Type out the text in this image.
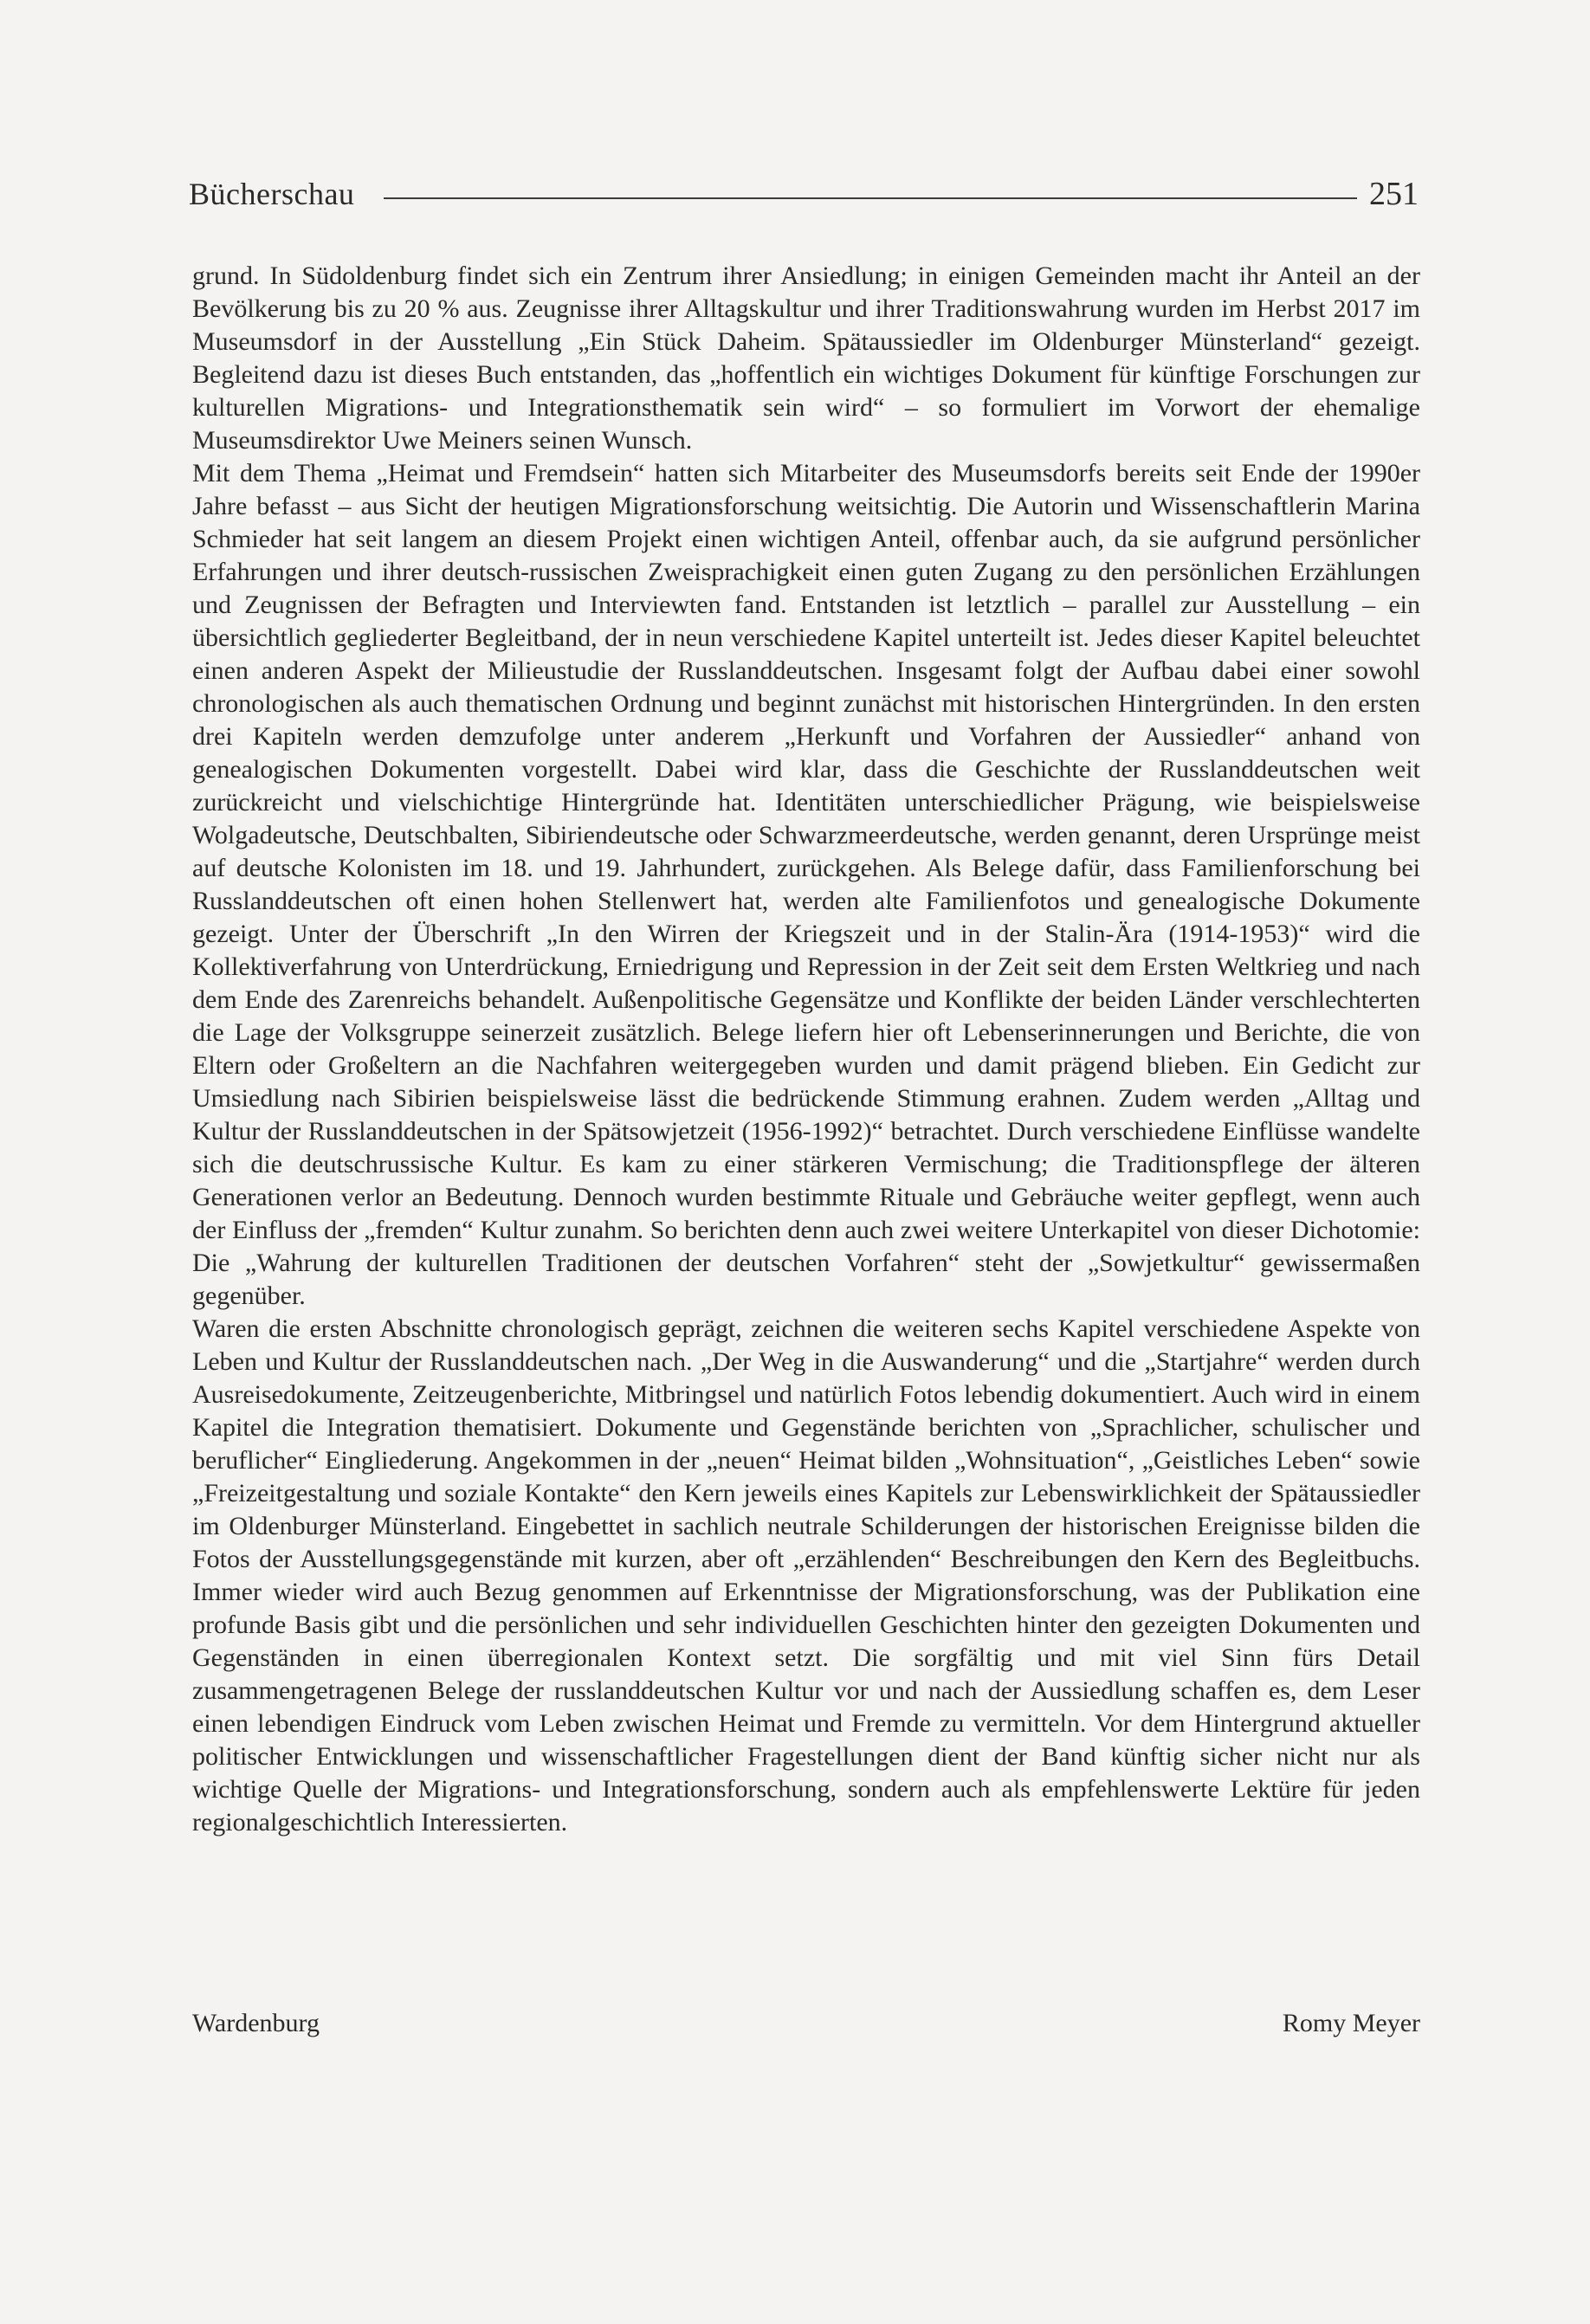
Bücherschau	251

grund. In Südoldenburg findet sich ein Zentrum ihrer Ansiedlung; in einigen Gemeinden macht ihr Anteil an der Bevölkerung bis zu 20 % aus. Zeugnisse ihrer Alltagskultur und ihrer Traditionswahrung wurden im Herbst 2017 im Museumsdorf in der Ausstellung „Ein Stück Daheim. Spätaussiedler im Oldenburger Münsterland“ gezeigt. Begleitend dazu ist dieses Buch entstanden, das „hoffentlich ein wichtiges Dokument für künftige Forschungen zur kulturellen Migrations- und Integrationsthematik sein wird“ – so formuliert im Vorwort der ehemalige Museumsdirektor Uwe Meiners seinen Wunsch.

Mit dem Thema „Heimat und Fremdsein“ hatten sich Mitarbeiter des Museumsdorfs bereits seit Ende der 1990er Jahre befasst – aus Sicht der heutigen Migrationsforschung weitsichtig. Die Autorin und Wissenschaftlerin Marina Schmieder hat seit langem an diesem Projekt einen wichtigen Anteil, offenbar auch, da sie aufgrund persönlicher Erfahrungen und ihrer deutsch-russischen Zweisprachigkeit einen guten Zugang zu den persönlichen Erzählungen und Zeugnissen der Befragten und Interviewten fand. Entstanden ist letztlich – parallel zur Ausstellung – ein übersichtlich gegliederter Begleitband, der in neun verschiedene Kapitel unterteilt ist. Jedes dieser Kapitel beleuchtet einen anderen Aspekt der Milieustudie der Russlanddeutschen. Insgesamt folgt der Aufbau dabei einer sowohl chronologischen als auch thematischen Ordnung und beginnt zunächst mit historischen Hintergründen. In den ersten drei Kapiteln werden demzufolge unter anderem „Herkunft und Vorfahren der Aussiedler“ anhand von genealogischen Dokumenten vorgestellt. Dabei wird klar, dass die Geschichte der Russlanddeutschen weit zurückreicht und vielschichtige Hintergründe hat. Identitäten unterschiedlicher Prägung, wie beispielsweise Wolgadeutsche, Deutschbalten, Sibiriendeutsche oder Schwarzmeerdeutsche, werden genannt, deren Ursprünge meist auf deutsche Kolonisten im 18. und 19. Jahrhundert, zurückgehen. Als Belege dafür, dass Familienforschung bei Russlanddeutschen oft einen hohen Stellenwert hat, werden alte Familienfotos und genealogische Dokumente gezeigt. Unter der Überschrift „In den Wirren der Kriegszeit und in der Stalin-Ära (1914-1953)“ wird die Kollektiverfahrung von Unterdrückung, Erniedrigung und Repression in der Zeit seit dem Ersten Weltkrieg und nach dem Ende des Zarenreichs behandelt. Außenpolitische Gegensätze und Konflikte der beiden Länder verschlechterten die Lage der Volksgruppe seinerzeit zusätzlich. Belege liefern hier oft Lebenserinnerungen und Berichte, die von Eltern oder Großeltern an die Nachfahren weitergegeben wurden und damit prägend blieben. Ein Gedicht zur Umsiedlung nach Sibirien beispielsweise lässt die bedrückende Stimmung erahnen. Zudem werden „Alltag und Kultur der Russlanddeutschen in der Spätsowjetzeit (1956-1992)“ betrachtet. Durch verschiedene Einflüsse wandelte sich die deutschrussische Kultur. Es kam zu einer stärkeren Vermischung; die Traditionspflege der älteren Generationen verlor an Bedeutung. Dennoch wurden bestimmte Rituale und Gebräuche weiter gepflegt, wenn auch der Einfluss der „fremden“ Kultur zunahm. So berichten denn auch zwei weitere Unterkapitel von dieser Dichotomie: Die „Wahrung der kulturellen Traditionen der deutschen Vorfahren“ steht der „Sowjetkultur“ gewissermaßen gegenüber.

Waren die ersten Abschnitte chronologisch geprägt, zeichnen die weiteren sechs Kapitel verschiedene Aspekte von Leben und Kultur der Russlanddeutschen nach. „Der Weg in die Auswanderung“ und die „Startjahre“ werden durch Ausreisedokumente, Zeitzeugenberichte, Mitbringsel und natürlich Fotos lebendig dokumentiert. Auch wird in einem Kapitel die Integration thematisiert. Dokumente und Gegenstände berichten von „Sprachlicher, schulischer und beruflicher“ Eingliederung. Angekommen in der „neuen“ Heimat bilden „Wohnsituation“, „Geistliches Leben“ sowie „Freizeitgestaltung und soziale Kontakte“ den Kern jeweils eines Kapitels zur Lebenswirklichkeit der Spätaussiedler im Oldenburger Münsterland. Eingebettet in sachlich neutrale Schilderungen der historischen Ereignisse bilden die Fotos der Ausstellungsgegenstände mit kurzen, aber oft „erzählenden“ Beschreibungen den Kern des Begleitbuchs. Immer wieder wird auch Bezug genommen auf Erkenntnisse der Migrationsforschung, was der Publikation eine profunde Basis gibt und die persönlichen und sehr individuellen Geschichten hinter den gezeigten Dokumenten und Gegenständen in einen überregionalen Kontext setzt. Die sorgfältig und mit viel Sinn fürs Detail zusammengetragenen Belege der russlanddeutschen Kultur vor und nach der Aussiedlung schaffen es, dem Leser einen lebendigen Eindruck vom Leben zwischen Heimat und Fremde zu vermitteln. Vor dem Hintergrund aktueller politischer Entwicklungen und wissenschaftlicher Fragestellungen dient der Band künftig sicher nicht nur als wichtige Quelle der Migrations- und Integrationsforschung, sondern auch als empfehlenswerte Lektüre für jeden regionalgeschichtlich Interessierten.

Wardenburg	Romy Meyer
